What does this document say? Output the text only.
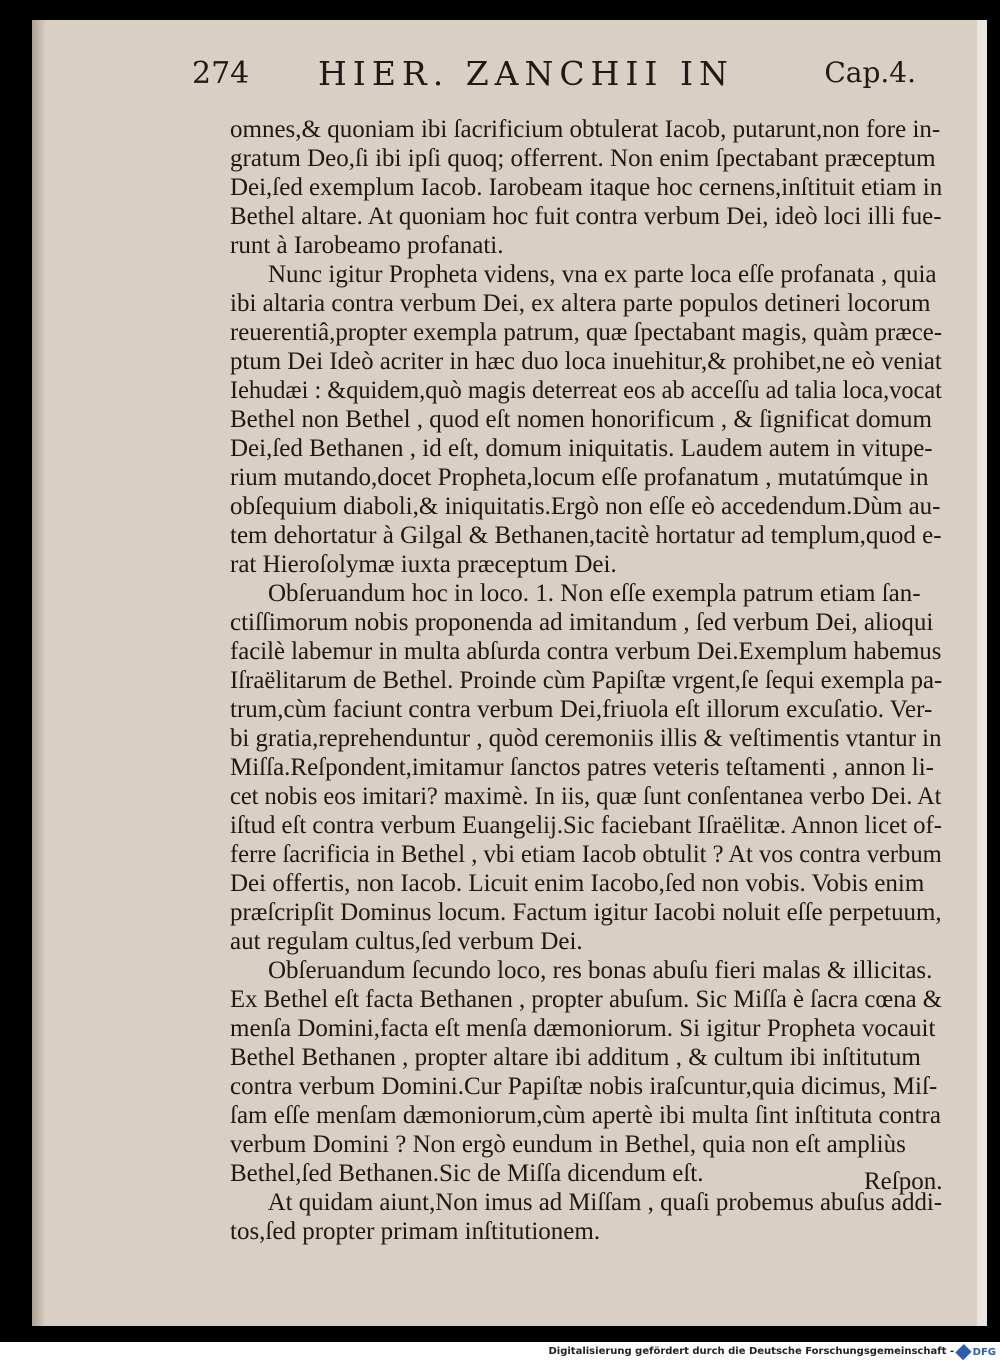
274 HIER. ZANCHII IN	Cap.4.
omnes,& quoniam ibi ſacrificium obtulerat Iacob, putarunt,non fore in-
gratum Deo,ſi ibi ipſi quoq; offerrent. Non enim ſpectabant præceptum
Dei,ſed exemplum Iacob. Iarobeam itaque hoc cernens,inſtituit etiam in
Bethel altare. At quoniam hoc fuit contra verbum Dei, ideò loci illi fue-
runt à Iarobeamo profanati.
Nunc igitur Propheta videns, vna ex parte loca eſſe profanata , quia
ibi altaria contra verbum Dei, ex altera parte populos detineri locorum
reuerentiâ,propter exempla patrum, quæ ſpectabant magis, quàm præce-
ptum Dei Ideò acriter in hæc duo loca inuehitur,& prohibet,ne eò veniat
Iehudæi : &quidem,quò magis deterreat eos ab acceſſu ad talia loca,vocat
Bethel non Bethel , quod eſt nomen honorificum , & ſignificat domum
Dei,ſed Bethanen , id eſt, domum iniquitatis. Laudem autem in vitupe-
rium mutando,docet Propheta,locum eſſe profanatum , mutatúmque in
obſequium diaboli,& iniquitatis.Ergò non eſſe eò accedendum.Dùm au-
tem dehortatur à Gilgal & Bethanen,tacitè hortatur ad templum,quod e-
rat Hieroſolymæ iuxta præceptum Dei.
Obſeruandum hoc in loco. 1. Non eſſe exempla patrum etiam ſan-
ctiſſimorum nobis proponenda ad imitandum , ſed verbum Dei, alioqui
facilè labemur in multa abſurda contra verbum Dei.Exemplum habemus
Iſraëlitarum de Bethel. Proinde cùm Papiſtæ vrgent,ſe ſequi exempla pa-
trum,cùm faciunt contra verbum Dei,friuola eſt illorum excuſatio. Ver-
bi gratia,reprehenduntur , quòd ceremoniis illis & veſtimentis vtantur in
Miſſa.Reſpondent,imitamur ſanctos patres veteris teſtamenti , annon li-
cet nobis eos imitari? maximè. In iis, quæ ſunt conſentanea verbo Dei. At
iſtud eſt contra verbum Euangelij.Sic faciebant Iſraëlitæ. Annon licet of-
ferre ſacrificia in Bethel , vbi etiam Iacob obtulit ? At vos contra verbum
Dei offertis, non Iacob. Licuit enim Iacobo,ſed non vobis. Vobis enim
præſcripſit Dominus locum. Factum igitur Iacobi noluit eſſe perpetuum,
aut regulam cultus,ſed verbum Dei.
Obſeruandum ſecundo loco, res bonas abuſu fieri malas & illicitas.
Ex Bethel eſt facta Bethanen , propter abuſum. Sic Miſſa è ſacra cœna &
menſa Domini,facta eſt menſa dæmoniorum. Si igitur Propheta vocauit
Bethel Bethanen , propter altare ibi additum , & cultum ibi inſtitutum
contra verbum Domini.Cur Papiſtæ nobis iraſcuntur,quia dicimus, Miſ-
ſam eſſe menſam dæmoniorum,cùm apertè ibi multa ſint inſtituta contra
verbum Domini ? Non ergò eundum in Bethel, quia non eſt ampliùs
Bethel,ſed Bethanen.Sic de Miſſa dicendum eſt.
At quidam aiunt,Non imus ad Miſſam , quaſi probemus abuſus addi-
tos,ſed propter primam inſtitutionem.
Reſpon.
Digitalisierung gefördert durch die Deutsche Forschungsgemeinschaft - DFG
